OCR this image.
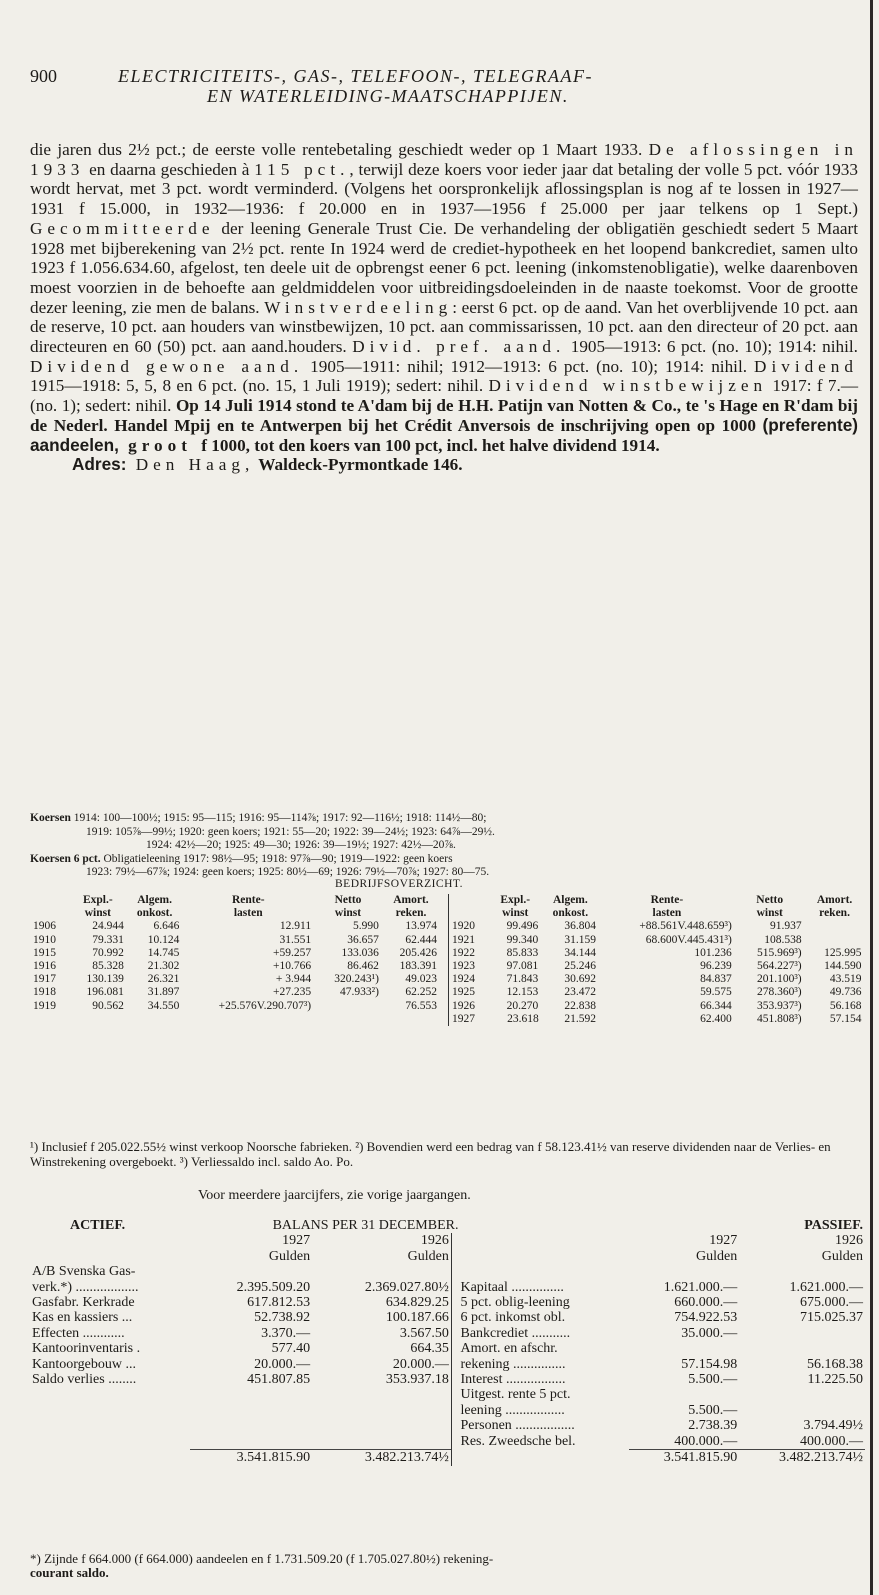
900	ELECTRICITEITS-, GAS-, TELEFOON-, TELEGRAAF-
EN WATERLEIDING-MAATSCHAPPIJEN.

die jaren dus 2½ pct.; de eerste volle rentebetaling geschiedt weder op 1 Maart 1933. De aflossingen in 1933 en daarna geschieden à 115 pct., terwijl deze koers voor ieder jaar dat betaling der volle 5 pct. vóór 1933 wordt hervat, met 3 pct. wordt verminderd. (Volgens het oorspronkelijk aflossingsplan is nog af te lossen in 1927—1931 f 15.000, in 1932—1936: f 20.000 en in 1937—1956 f 25.000 per jaar telkens op 1 Sept.) Gecommitteerde der leening Generale Trust Cie. De verhandeling der obligatiën geschiedt sedert 5 Maart 1928 met bijberekening van 2½ pct. rente In 1924 werd de crediet-hypotheek en het loopend bankcrediet, samen ulto 1923 f 1.056.634.60, afgelost, ten deele uit de opbrengst eener 6 pct. leening (inkomstenobligatie), welke daarenboven moest voorzien in de behoefte aan geldmiddelen voor uitbreidingsdoeleinden in de naaste toekomst. Voor de grootte dezer leening, zie men de balans. Winstverdeeling: eerst 6 pct. op de aand. Van het overblijvende 10 pct. aan de reserve, 10 pct. aan houders van winstbewijzen, 10 pct. aan commissarissen, 10 pct. aan den directeur of 20 pct. aan directeuren en 60 (50) pct. aan aand.houders. Divid. pref. aand. 1905—1913: 6 pct. (no. 10); 1914: nihil. Dividend gewone aand. 1905—1911: nihil; 1912—1913: 6 pct. (no. 10); 1914: nihil. Dividend 1915—1918: 5, 5, 8 en 6 pct. (no. 15, 1 Juli 1919); sedert: nihil. Dividend winstbewijzen 1917: f 7.— (no. 1); sedert: nihil. Op 14 Juli 1914 stond te A'dam bij de H.H. Patijn van Notten & Co., te 's Hage en R'dam bij de Nederl. Handel Mpij en te Antwerpen bij het Crédit Anversois de inschrijving open op 1000 (preferente) aandeelen, groot f 1000, tot den koers van 100 pct, incl. het halve dividend 1914.

Adres: Den Haag, Waldeck-Pyrmontkade 146.

Koersen 1914: 100—100½; 1915: 95—115; 1916: 95—114⅞; 1917: 92—116½; 1918: 114½—80;
1919: 105⅞—99½; 1920: geen koers; 1921: 55—20; 1922: 39—24½; 1923: 64⅞—29½.
1924: 42½—20; 1925: 49—30; 1926: 39—19½; 1927: 42½—20⅞.
Koersen 6 pct. Obligatieleening 1917: 98½—95; 1918: 97⅞—90; 1919—1922: geen koers
1923: 79½—67⅞; 1924: geen koers; 1925: 80½—69; 1926: 79½—70⅞; 1927: 80—75.
BEDRIJFSOVERZICHT.
	Expl.-	Algem.	Rente-	Netto	Amort.
	winst	onkost.	lasten	winst	reken.
1906	24.944	6.646	12.911	5.990	13.974
1910	79.331	10.124	31.551	36.657	62.444
1915	70.992	14.745	+59.257	133.036	205.426
1916	85.328	21.302	+10.766	86.462	183.391
1917	130.139	26.321	+ 3.944	320.243¹)	49.023
1918	196.081	31.897	+27.235	47.933²)	62.252
1919	90.562	34.550	+25.576V.290.707³)		76.553
	Expl.-	Algem.	Rente-	Netto	Amort.
	winst	onkost.	lasten	winst	reken.
1920	99.496	36.804	+88.561V.448.659³)	91.937	
1921	99.340	31.159	68.600V.445.431³)	108.538	
1922	85.833	34.144	101.236	515.969³)	125.995
1923	97.081	25.246	96.239	564.227³)	144.590
1924	71.843	30.692	84.837	201.100³)	43.519
1925	12.153	23.472	59.575	278.360³)	49.736
1926	20.270	22.838	66.344	353.937³)	56.168
1927	23.618	21.592	62.400	451.808³)	57.154
¹) Inclusief f 205.022.55½ winst verkoop Noorsche fabrieken. ²) Bovendien werd een bedrag van f 58.123.41½ van reserve dividenden naar de Verlies- en Winstrekening overgeboekt. ³) Verliessaldo incl. saldo Ao. Po.
Voor meerdere jaarcijfers, zie vorige jaargangen.
ACTIEF.	BALANS PER 31 DECEMBER.					PASSIEF.
	1927	1926			1927	1926
	Gulden	Gulden			Gulden	Gulden
A/B Svenska Gas-						
verk.*) ..................	2.395.509.20	2.369.027.80½		Kapitaal ...............	1.621.000.—	1.621.000.—
Gasfabr. Kerkrade	617.812.53	634.829.25		5 pct. oblig-leening	660.000.—	675.000.—
Kas en kassiers ...	52.738.92	100.187.66		6 pct. inkomst obl.	754.922.53	715.025.37
Effecten ............	3.370.—	3.567.50		Bankcrediet ...........	35.000.—	
Kantoorinventaris .	577.40	664.35		Amort. en afschr.		
Kantoorgebouw ...	20.000.—	20.000.—		rekening ...............	57.154.98	56.168.38
Saldo verlies ........	451.807.85	353.937.18		Interest .................	5.500.—	11.225.50
				Uitgest. rente 5 pct.		
				leening .................	5.500.—	
				Personen .................	2.738.39	3.794.49½
				Res. Zweedsche bel.	400.000.—	400.000.—
	3.541.815.90	3.482.213.74½			3.541.815.90	3.482.213.74½
*) Zijnde f 664.000 (f 664.000) aandeelen en f 1.731.509.20 (f 1.705.027.80½) rekening-
courant saldo.
